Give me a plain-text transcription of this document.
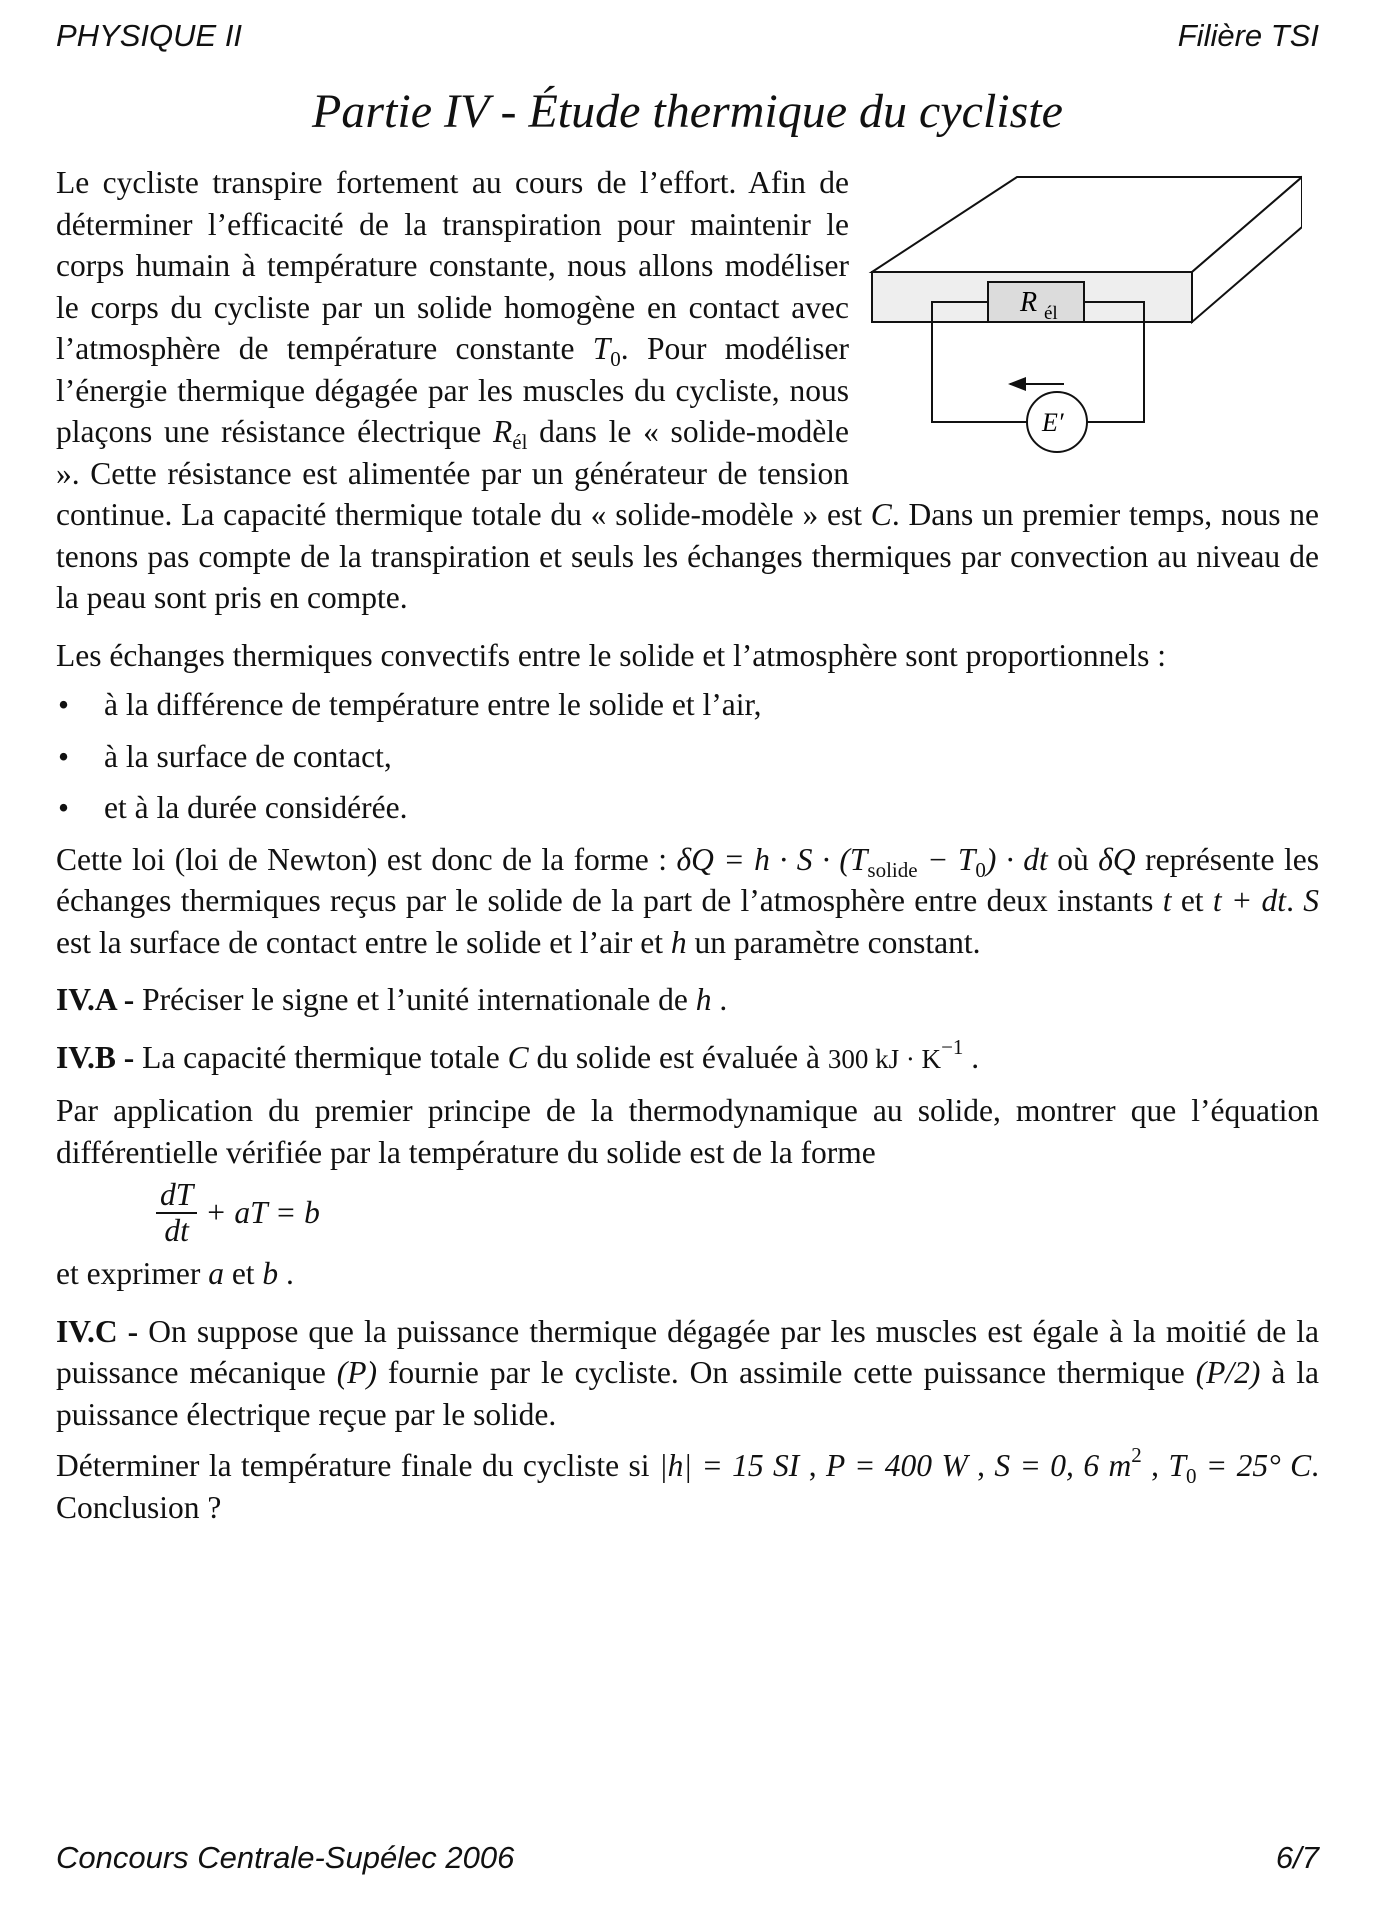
PHYSIQUE II	Filière TSI
Partie IV - Étude thermique du cycliste
R él
E′

Le cycliste transpire fortement au cours de l’effort. Afin de déterminer l’efficacité de la transpiration pour maintenir le corps humain à température constante, nous allons modéliser le corps du cycliste par un solide homogène en contact avec l’atmosphère de température constante $T_0$. Pour modéliser l’énergie thermique dégagée par les muscles du cycliste, nous plaçons une résistance électrique $R_{él}$ dans le « solide-modèle ». Cette résistance est alimentée par un générateur de tension continue. La capacité thermique totale du « solide-modèle » est C. Dans un premier temps, nous ne tenons pas compte de la transpiration et seuls les échanges thermiques par convection au niveau de la peau sont pris en compte.

Les échanges thermiques convectifs entre le solide et l’atmosphère sont proportionnels :

• à la différence de température entre le solide et l’air,
• à la surface de contact,
• et à la durée considérée.

Cette loi (loi de Newton) est donc de la forme : $\delta Q = h \cdot S \cdot (T_{solide} - T_0)$ · dt où δQ représente les échanges thermiques reçus par le solide de la part de l’atmosphère entre deux instants t et t + dt. S est la surface de contact entre le solide et l’air et h un paramètre constant.

IV.A - Préciser le signe et l’unité internationale de h .

IV.B - La capacité thermique totale C du solide est évaluée à 300 kJ · $K^{-1}$ .

Par application du premier principe de la thermodynamique au solide, montrer que l’équation différentielle vérifiée par la température du solide est de la forme

$\frac{dT}{dt}$ + aT = b

et exprimer a et b .

IV.C - On suppose que la puissance thermique dégagée par les muscles est égale à la moitié de la puissance mécanique (P) fournie par le cycliste. On assimile cette puissance thermique (P/2) à la puissance électrique reçue par le solide.

Déterminer la température finale du cycliste si |h| = 15 SI , P = 400 W , S = 0, 6 $m^2$ , $T_0 = 25^\circ$ C. Conclusion ?

Concours Centrale-Supélec 2006	6/7
